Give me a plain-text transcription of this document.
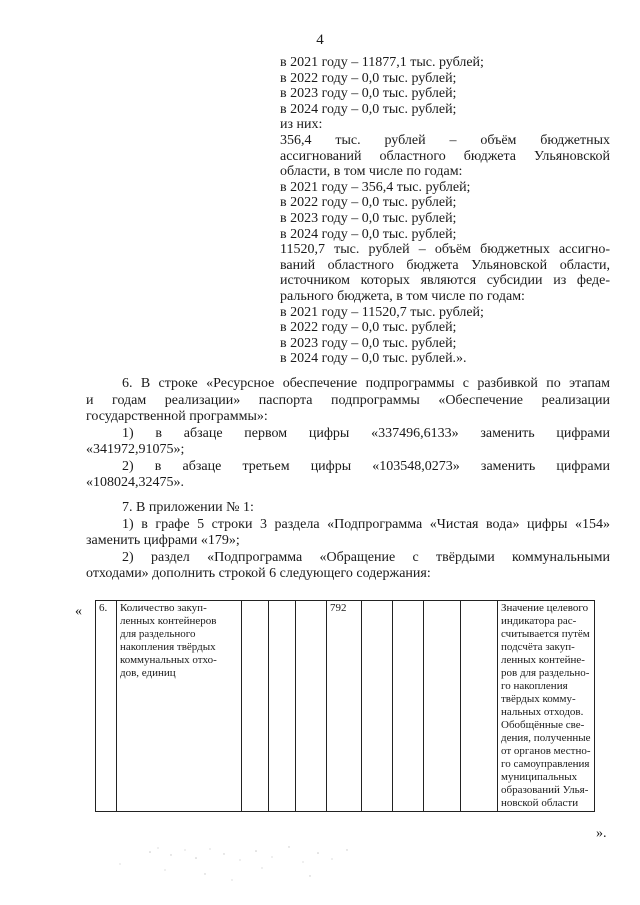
4
в 2021 году – 11877,1 тыс. рублей;
в 2022 году – 0,0 тыс. рублей;
в 2023 году – 0,0 тыс. рублей;
в 2024 году – 0,0 тыс. рублей;
из них:
356,4 тыс. рублей – объём бюджетных
ассигнований областного бюджета Ульяновской
области, в том числе по годам:
в 2021 году – 356,4 тыс. рублей;
в 2022 году – 0,0 тыс. рублей;
в 2023 году – 0,0 тыс. рублей;
в 2024 году – 0,0 тыс. рублей;
11520,7 тыс. рублей – объём бюджетных ассигно-
ваний областного бюджета Ульяновской области,
источником которых являются субсидии из феде-
рального бюджета, в том числе по годам:
в 2021 году – 11520,7 тыс. рублей;
в 2022 году – 0,0 тыс. рублей;
в 2023 году – 0,0 тыс. рублей;
в 2024 году – 0,0 тыс. рублей.».
6. В строке «Ресурсное обеспечение подпрограммы с разбивкой по этапам
и годам реализации» паспорта подпрограммы «Обеспечение реализации
государственной программы»:
1) в абзаце первом цифры «337496,6133» заменить цифрами
«341972,91075»;
2) в абзаце третьем цифры «103548,0273» заменить цифрами
«108024,32475».
7. В приложении № 1:
1) в графе 5 строки 3 раздела «Подпрограмма «Чистая вода» цифры «154»
заменить цифрами «179»;
2) раздел «Подпрограмма «Обращение с твёрдыми коммунальными
отходами» дополнить строкой 6 следующего содержания:
« 6.	Количество закуп-
ленных контейнеров
для раздельного
накопления твёрдых
коммунальных отхо-
дов, единиц
				792					Значение целевого
индикатора рас-
считывается путём
подсчёта закуп-
ленных контейне-
ров для раздельно-
го накопления
твёрдых комму-
нальных отходов.
Обобщённые све-
дения, полученные
от органов местно-
го самоуправления
муниципальных
образований Улья-
новской области
».
